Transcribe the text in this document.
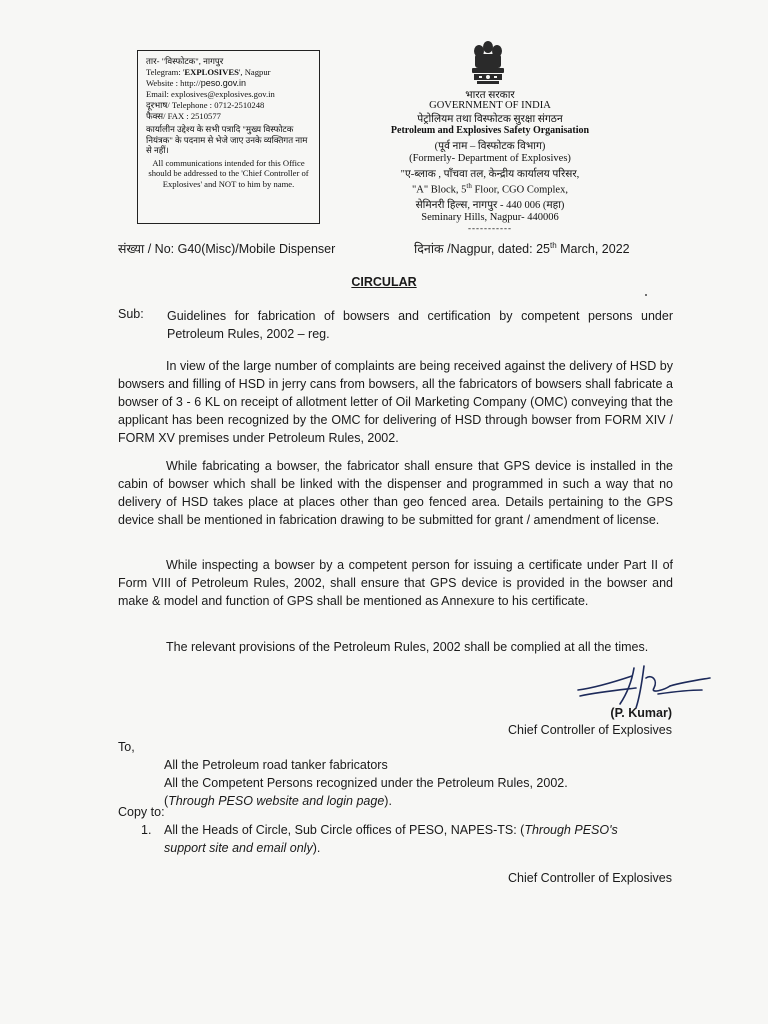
तार- "विस्फोटक", नागपुर
Telegram: 'EXPLOSIVES', Nagpur
Website : http://peso.gov.in
Email: explosives@explosives.gov.in
दूरभाष/ Telephone : 0712-2510248
फैक्स/ FAX : 2510577
कार्यालीन उद्देश्य के सभी पत्रादि "मुख्य विस्फोटक नियंत्रक" के पदनाम से भेजे जाए उनके व्यक्तिगत नाम से नहीं।
All communications intended for this Office should be addressed to the 'Chief Controller of Explosives' and NOT to him by name.
भारत सरकार
GOVERNMENT OF INDIA
पेट्रोलियम तथा विस्फोटक सुरक्षा संगठन
Petroleum and Explosives Safety Organisation
(पूर्व नाम – विस्फोटक विभाग)
(Formerly- Department of Explosives)
"ए-ब्लाक , पाँचवा तल, केन्द्रीय कार्यालय परिसर,
"A" Block, 5th Floor, CGO Complex,
सेमिनरी हिल्स, नागपुर - 440 006 (महा)
Seminary Hills, Nagpur- 440006
-----------
संख्या / No: G40(Misc)/Mobile Dispenser	दिनांक /Nagpur, dated: 25th March, 2022
CIRCULAR
Sub: Guidelines for fabrication of bowsers and certification by competent persons under Petroleum Rules, 2002 – reg.

In view of the large number of complaints are being received against the delivery of HSD by bowsers and filling of HSD in jerry cans from bowsers, all the fabricators of bowsers shall fabricate a bowser of 3 - 6 KL on receipt of allotment letter of Oil Marketing Company (OMC) conveying that the applicant has been recognized by the OMC for delivering of HSD through bowser from FORM XIV / FORM XV premises under Petroleum Rules, 2002.

While fabricating a bowser, the fabricator shall ensure that GPS device is installed in the cabin of bowser which shall be linked with the dispenser and programmed in such a way that no delivery of HSD takes place at places other than geo fenced area. Details pertaining to the GPS device shall be mentioned in fabrication drawing to be submitted for grant / amendment of license.

While inspecting a bowser by a competent person for issuing a certificate under Part II of Form VIII of Petroleum Rules, 2002, shall ensure that GPS device is provided in the bowser and make & model and function of GPS shall be mentioned as Annexure to his certificate.

The relevant provisions of the Petroleum Rules, 2002 shall be complied at all the times.

(P. Kumar)
Chief Controller of Explosives
To,
All the Petroleum road tanker fabricators
All the Competent Persons recognized under the Petroleum Rules, 2002.
(Through PESO website and login page).
Copy to:
1. All the Heads of Circle, Sub Circle offices of PESO, NAPES-TS: (Through PESO's
support site and email only).
Chief Controller of Explosives
